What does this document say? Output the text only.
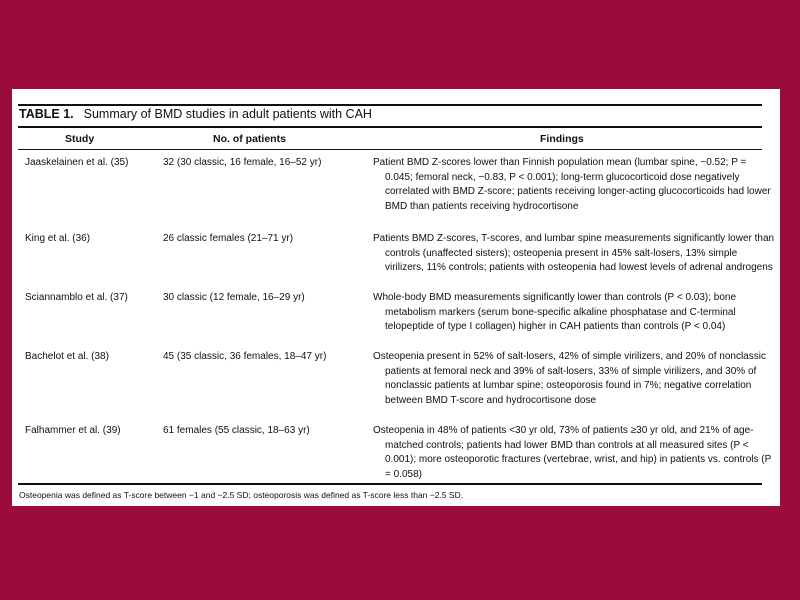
TABLE 1. Summary of BMD studies in adult patients with CAH
Study	No. of patients	Findings
Jaaskelainen et al. (35)	32 (30 classic, 16 female, 16–52 yr)	Patient BMD Z-scores lower than Finnish population mean (lumbar spine, −0.52; P = 0.045; femoral neck, −0.83, P < 0.001); long-term glucocorticoid dose negatively correlated with BMD Z-score; patients receiving longer-acting glucocorticoids had lower BMD than patients receiving hydrocortisone
King et al. (36)	26 classic females (21–71 yr)	Patients BMD Z-scores, T-scores, and lumbar spine measurements significantly lower than controls (unaffected sisters); osteopenia present in 45% salt-losers, 13% simple virilizers, 11% controls; patients with osteopenia had lowest levels of adrenal androgens
Sciannamblo et al. (37)	30 classic (12 female, 16–29 yr)	Whole-body BMD measurements significantly lower than controls (P < 0.03); bone metabolism markers (serum bone-specific alkaline phosphatase and C-terminal telopeptide of type I collagen) higher in CAH patients than controls (P < 0.04)
Bachelot et al. (38)	45 (35 classic, 36 females, 18–47 yr)	Osteopenia present in 52% of salt-losers, 42% of simple virilizers, and 20% of nonclassic patients at femoral neck and 39% of salt-losers, 33% of simple virilizers, and 30% of nonclassic patients at lumbar spine; osteoporosis found in 7%; negative correlation between BMD T-score and hydrocortisone dose
Falhammer et al. (39)	61 females (55 classic, 18–63 yr)	Osteopenia in 48% of patients <30 yr old, 73% of patients ≥30 yr old, and 21% of age-matched controls; patients had lower BMD than controls at all measured sites (P < 0.001); more osteoporotic fractures (vertebrae, wrist, and hip) in patients vs. controls (P = 0.058)
Osteopenia was defined as T-score between −1 and −2.5 SD; osteoporosis was defined as T-score less than −2.5 SD.
